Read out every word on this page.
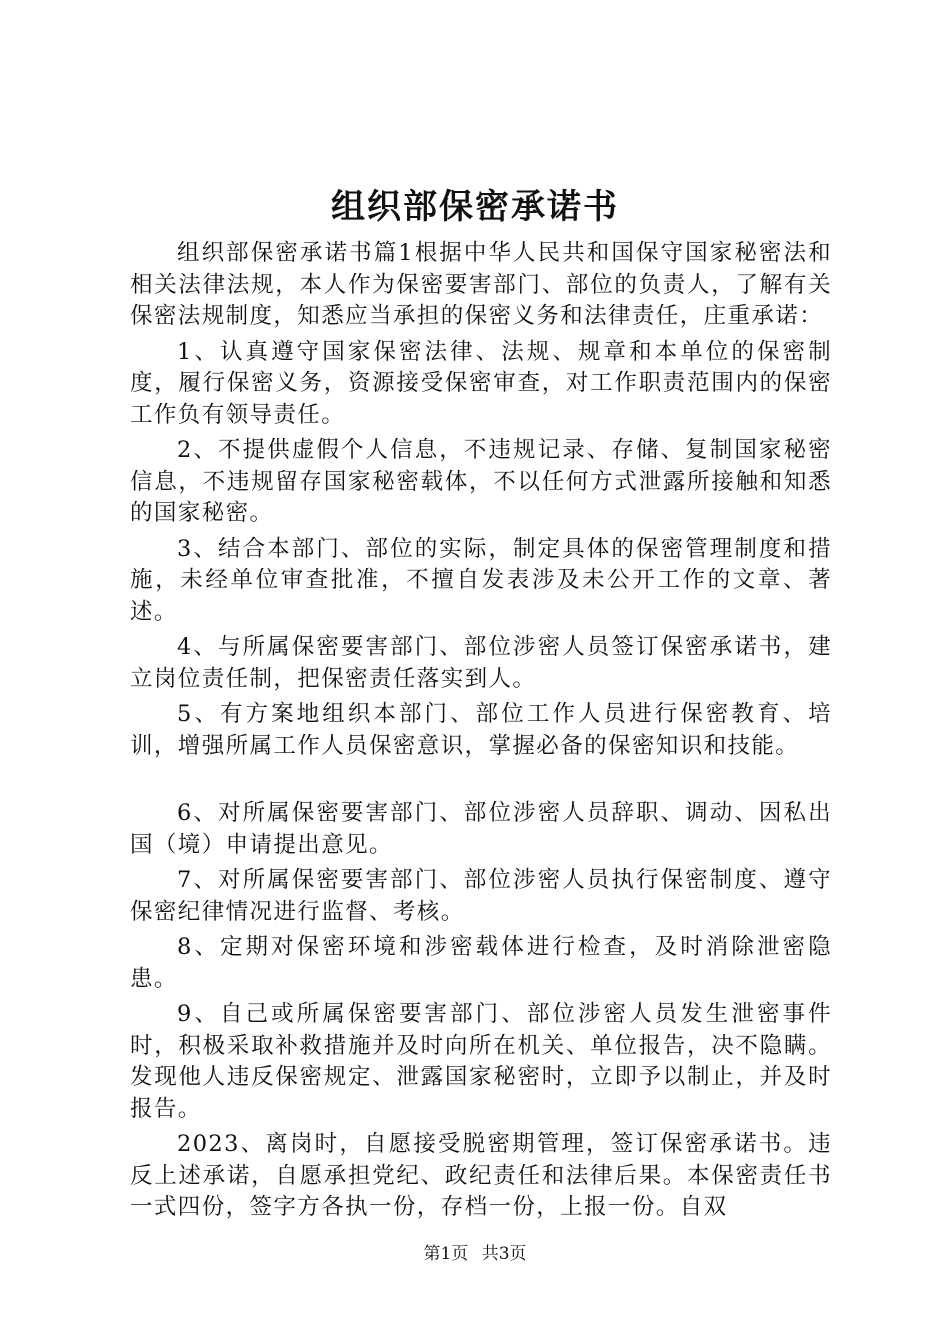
组织部保密承诺书

组织部保密承诺书篇1根据中华人民共和国保守国家秘密法和相关法律法规，本人作为保密要害部门、部位的负责人，了解有关保密法规制度，知悉应当承担的保密义务和法律责任，庄重承诺：

1、认真遵守国家保密法律、法规、规章和本单位的保密制度，履行保密义务，资源接受保密审查，对工作职责范围内的保密工作负有领导责任。

2、不提供虚假个人信息，不违规记录、存储、复制国家秘密信息，不违规留存国家秘密载体，不以任何方式泄露所接触和知悉的国家秘密。

3、结合本部门、部位的实际，制定具体的保密管理制度和措施，未经单位审查批准，不擅自发表涉及未公开工作的文章、著述。

4、与所属保密要害部门、部位涉密人员签订保密承诺书，建立岗位责任制，把保密责任落实到人。

5、有方案地组织本部门、部位工作人员进行保密教育、培训，增强所属工作人员保密意识，掌握必备的保密知识和技能。

6、对所属保密要害部门、部位涉密人员辞职、调动、因私出国（境）申请提出意见。

7、对所属保密要害部门、部位涉密人员执行保密制度、遵守保密纪律情况进行监督、考核。

8、定期对保密环境和涉密载体进行检查，及时消除泄密隐患。

9、自己或所属保密要害部门、部位涉密人员发生泄密事件时，积极采取补救措施并及时向所在机关、单位报告，决不隐瞒。发现他人违反保密规定、泄露国家秘密时，立即予以制止，并及时报告。

2023、离岗时，自愿接受脱密期管理，签订保密承诺书。违反上述承诺，自愿承担党纪、政纪责任和法律后果。本保密责任书一式四份，签字方各执一份，存档一份，上报一份。自双

第1页 共3页
